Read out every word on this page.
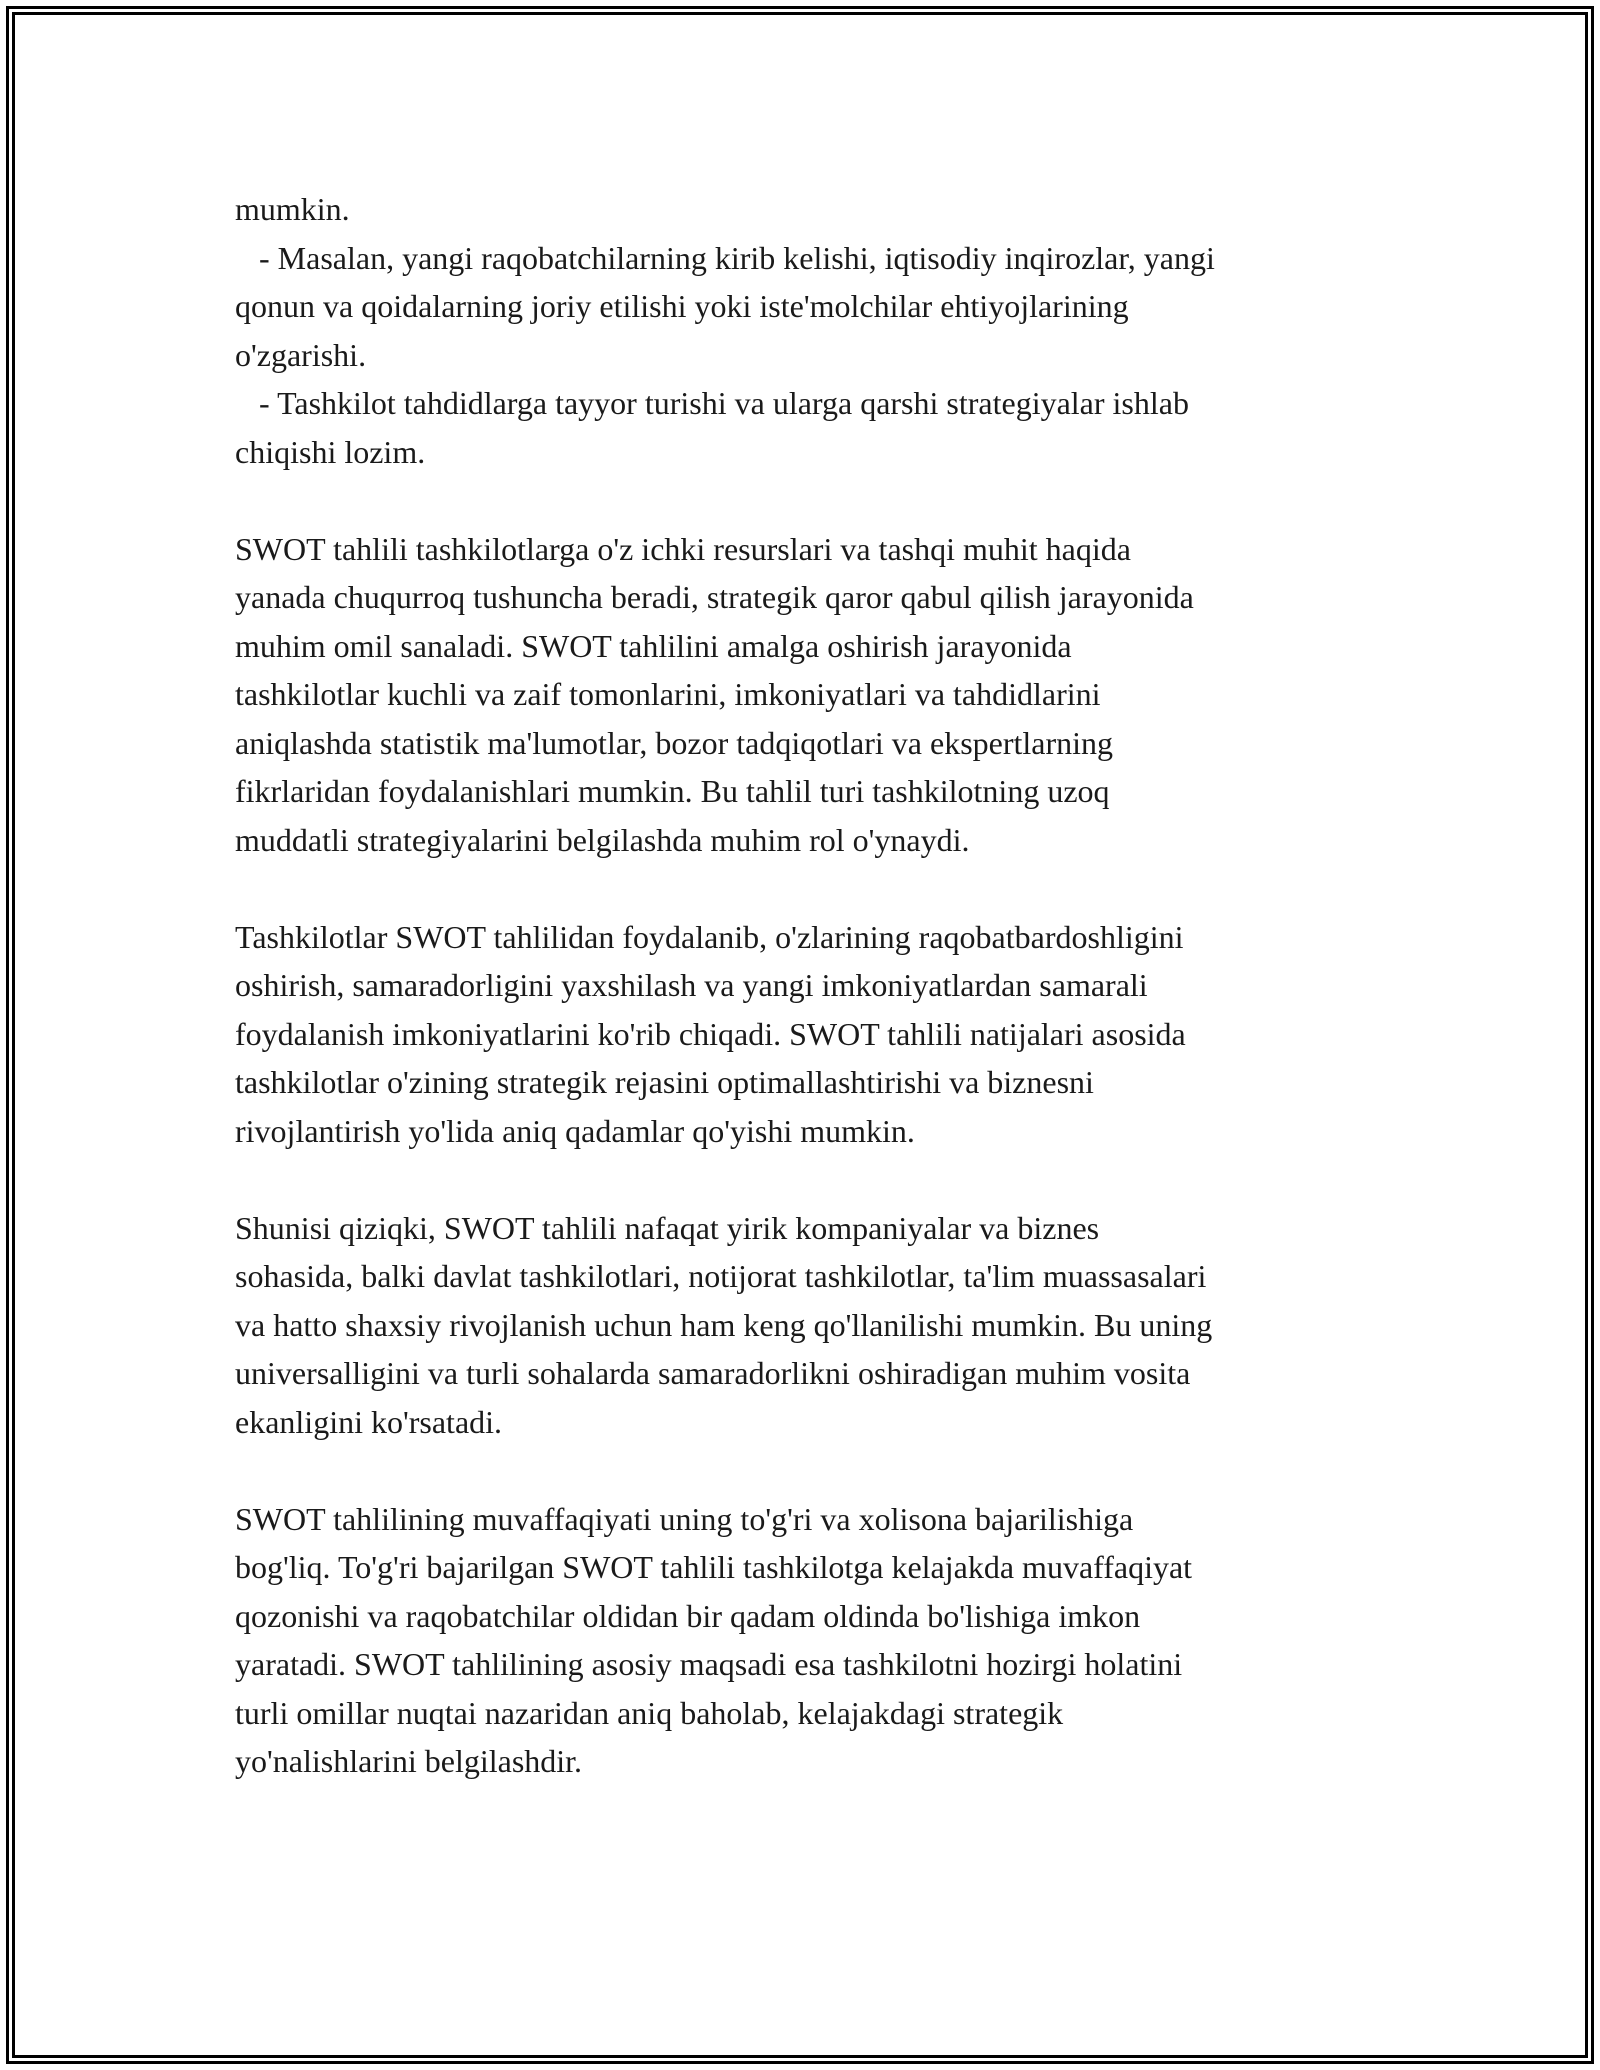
mumkin.
- Masalan, yangi raqobatchilarning kirib kelishi, iqtisodiy inqirozlar, yangi
qonun va qoidalarning joriy etilishi yoki iste'molchilar ehtiyojlarining
o'zgarishi.
- Tashkilot tahdidlarga tayyor turishi va ularga qarshi strategiyalar ishlab
chiqishi lozim.
SWOT tahlili tashkilotlarga o'z ichki resurslari va tashqi muhit haqida
yanada chuqurroq tushuncha beradi, strategik qaror qabul qilish jarayonida
muhim omil sanaladi. SWOT tahlilini amalga oshirish jarayonida
tashkilotlar kuchli va zaif tomonlarini, imkoniyatlari va tahdidlarini
aniqlashda statistik ma'lumotlar, bozor tadqiqotlari va ekspertlarning
fikrlaridan foydalanishlari mumkin. Bu tahlil turi tashkilotning uzoq
muddatli strategiyalarini belgilashda muhim rol o'ynaydi.
Tashkilotlar SWOT tahlilidan foydalanib, o'zlarining raqobatbardoshligini
oshirish, samaradorligini yaxshilash va yangi imkoniyatlardan samarali
foydalanish imkoniyatlarini ko'rib chiqadi. SWOT tahlili natijalari asosida
tashkilotlar o'zining strategik rejasini optimallashtirishi va biznesni
rivojlantirish yo'lida aniq qadamlar qo'yishi mumkin.
Shunisi qiziqki, SWOT tahlili nafaqat yirik kompaniyalar va biznes
sohasida, balki davlat tashkilotlari, notijorat tashkilotlar, ta'lim muassasalari
va hatto shaxsiy rivojlanish uchun ham keng qo'llanilishi mumkin. Bu uning
universalligini va turli sohalarda samaradorlikni oshiradigan muhim vosita
ekanligini ko'rsatadi.
SWOT tahlilining muvaffaqiyati uning to'g'ri va xolisona bajarilishiga
bog'liq. To'g'ri bajarilgan SWOT tahlili tashkilotga kelajakda muvaffaqiyat
qozonishi va raqobatchilar oldidan bir qadam oldinda bo'lishiga imkon
yaratadi. SWOT tahlilining asosiy maqsadi esa tashkilotni hozirgi holatini
turli omillar nuqtai nazaridan aniq baholab, kelajakdagi strategik
yo'nalishlarini belgilashdir.
